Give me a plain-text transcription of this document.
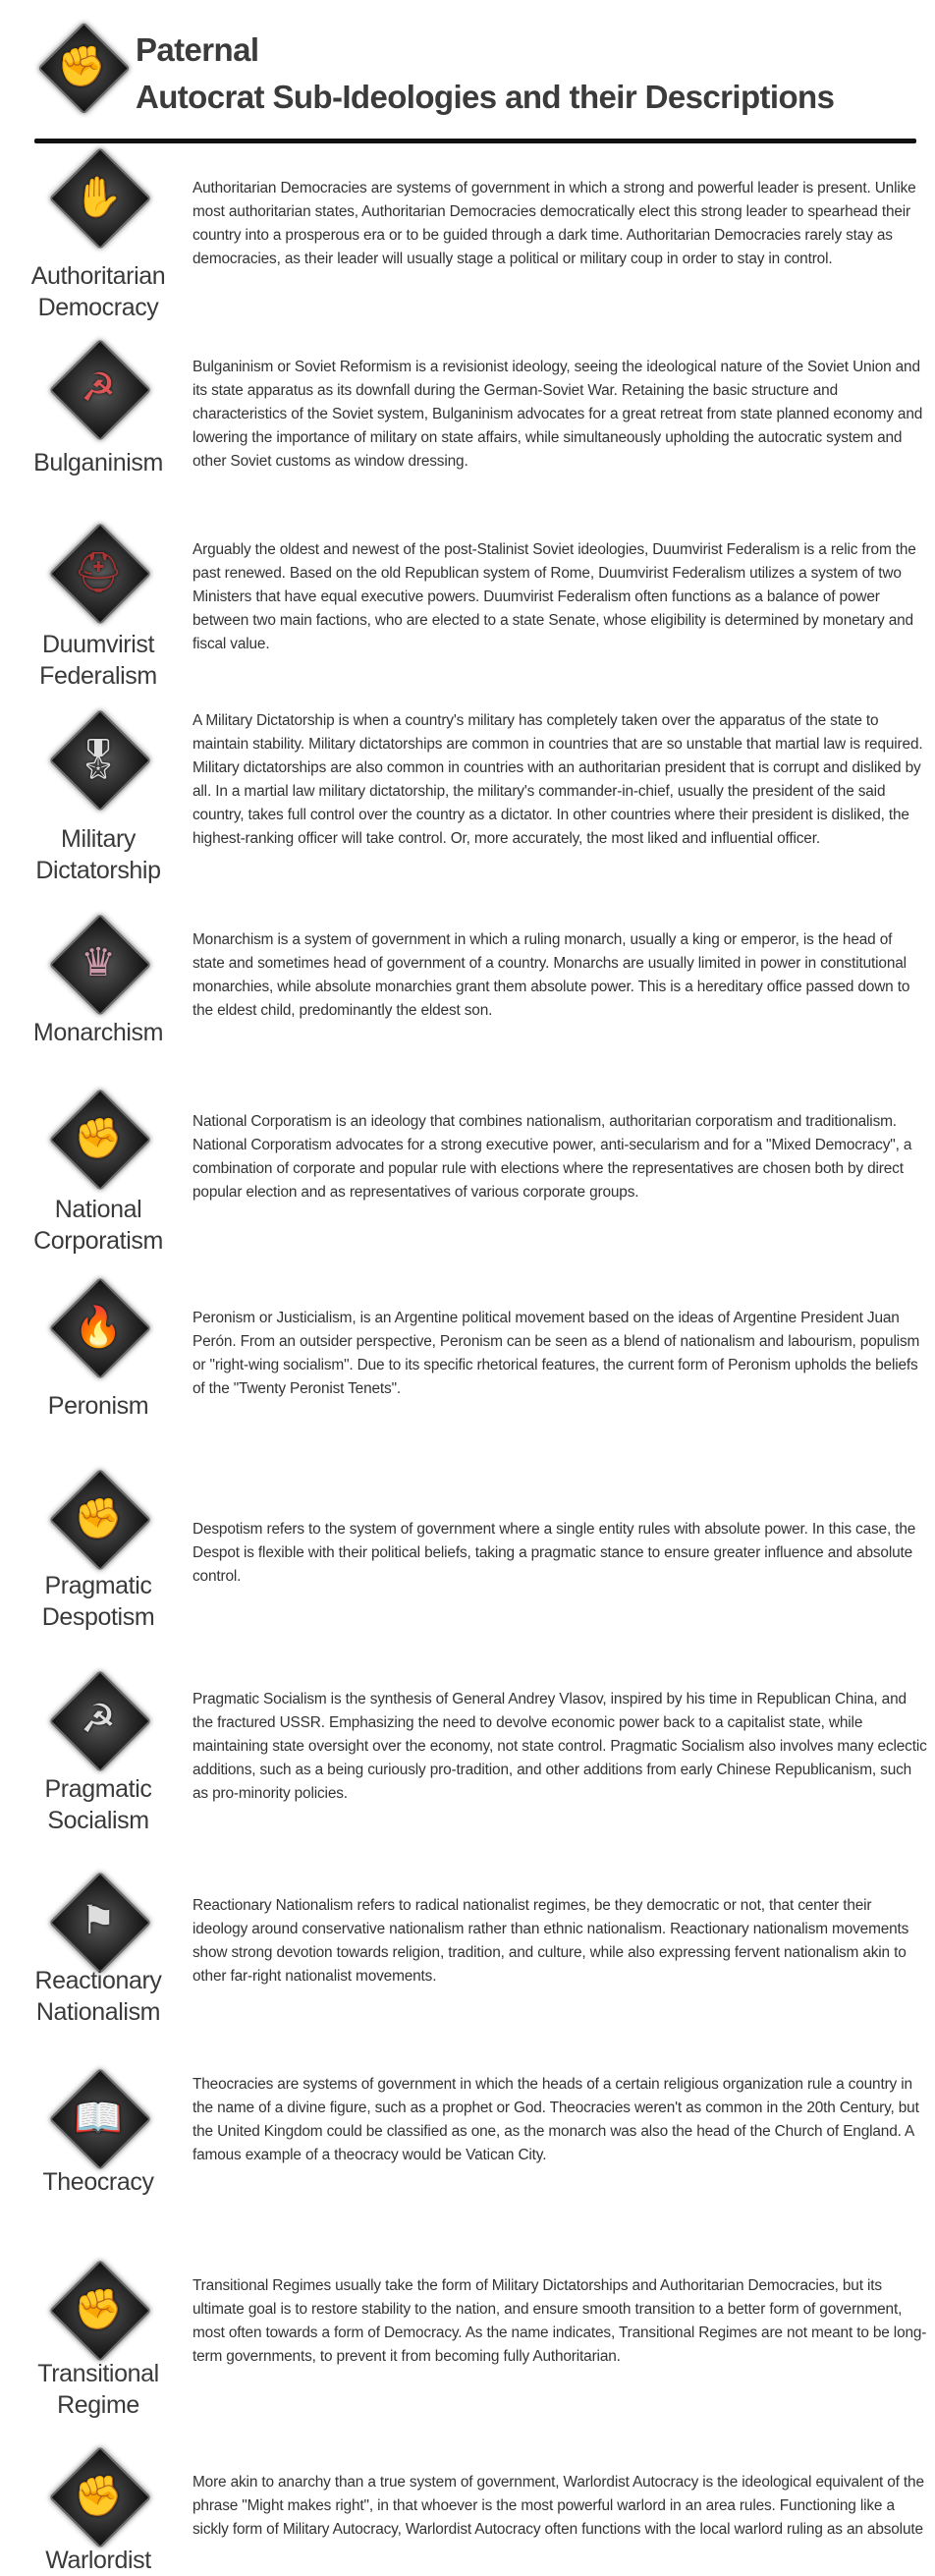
✊ Paternal
Autocrat Sub-Ideologies and their Descriptions
✋
Authoritarian Democracy
Authoritarian Democracies are systems of government in which a strong and powerful leader is present. Unlike most authoritarian states, Authoritarian Democracies democratically elect this strong leader to spearhead their country into a prosperous era or to be guided through a dark time. Authoritarian Democracies rarely stay as democracies, as their leader will usually stage a political or military coup in order to stay in control.
☭
Bulganinism
Bulganinism or Soviet Reformism is a revisionist ideology, seeing the ideological nature of the Soviet Union and its state apparatus as its downfall during the German-Soviet War. Retaining the basic structure and characteristics of the Soviet system, Bulganinism advocates for a great retreat from state planned economy and lowering the importance of military on state affairs, while simultaneously upholding the autocratic system and other Soviet customs as window dressing.
⛑
Duumvirist Federalism
Arguably the oldest and newest of the post-Stalinist Soviet ideologies, Duumvirist Federalism is a relic from the past renewed. Based on the old Republican system of Rome, Duumvirist Federalism utilizes a system of two Ministers that have equal executive powers. Duumvirist Federalism often functions as a balance of power between two main factions, who are elected to a state Senate, whose eligibility is determined by monetary and fiscal value.
🎖
Military Dictatorship
A Military Dictatorship is when a country's military has completely taken over the apparatus of the state to maintain stability. Military dictatorships are common in countries that are so unstable that martial law is required. Military dictatorships are also common in countries with an authoritarian president that is corrupt and disliked by all. In a martial law military dictatorship, the military's commander-in-chief, usually the president of the said country, takes full control over the country as a dictator. In other countries where their president is disliked, the highest-ranking officer will take control. Or, more accurately, the most liked and influential officer.
♛
Monarchism
Monarchism is a system of government in which a ruling monarch, usually a king or emperor, is the head of state and sometimes head of government of a country. Monarchs are usually limited in power in constitutional monarchies, while absolute monarchies grant them absolute power. This is a hereditary office passed down to the eldest child, predominantly the eldest son.
✊
National Corporatism
National Corporatism is an ideology that combines nationalism, authoritarian corporatism and traditionalism. National Corporatism advocates for a strong executive power, anti-secularism and for a "Mixed Democracy", a combination of corporate and popular rule with elections where the representatives are chosen both by direct popular election and as representatives of various corporate groups.
🔥
Peronism
Peronism or Justicialism, is an Argentine political movement based on the ideas of Argentine President Juan Perón. From an outsider perspective, Peronism can be seen as a blend of nationalism and labourism, populism or "right-wing socialism". Due to its specific rhetorical features, the current form of Peronism upholds the beliefs of the "Twenty Peronist Tenets".
✊
Pragmatic Despotism
Despotism refers to the system of government where a single entity rules with absolute power. In this case, the Despot is flexible with their political beliefs, taking a pragmatic stance to ensure greater influence and absolute control.
☭
Pragmatic Socialism
Pragmatic Socialism is the synthesis of General Andrey Vlasov, inspired by his time in Republican China, and the fractured USSR. Emphasizing the need to devolve economic power back to a capitalist state, while maintaining state oversight over the economy, not state control. Pragmatic Socialism also involves many eclectic additions, such as a being curiously pro-tradition, and other additions from early Chinese Republicanism, such as pro-minority policies.
⚑
Reactionary Nationalism
Reactionary Nationalism refers to radical nationalist regimes, be they democratic or not, that center their ideology around conservative nationalism rather than ethnic nationalism. Reactionary nationalism movements show strong devotion towards religion, tradition, and culture, while also expressing fervent nationalism akin to other far-right nationalist movements.
📖
Theocracy
Theocracies are systems of government in which the heads of a certain religious organization rule a country in the name of a divine figure, such as a prophet or God. Theocracies weren't as common in the 20th Century, but the United Kingdom could be classified as one, as the monarch was also the head of the Church of England. A famous example of a theocracy would be Vatican City.
✊
Transitional Regime
Transitional Regimes usually take the form of Military Dictatorships and Authoritarian Democracies, but its ultimate goal is to restore stability to the nation, and ensure smooth transition to a better form of government, most often towards a form of Democracy. As the name indicates, Transitional Regimes are not meant to be long-term governments, to prevent it from becoming fully Authoritarian.
✊
Warlordist
More akin to anarchy than a true system of government, Warlordist Autocracy is the ideological equivalent of the phrase "Might makes right", in that whoever is the most powerful warlord in an area rules. Functioning like a sickly form of Military Autocracy, Warlordist Autocracy often functions with the local warlord ruling as an absolute
